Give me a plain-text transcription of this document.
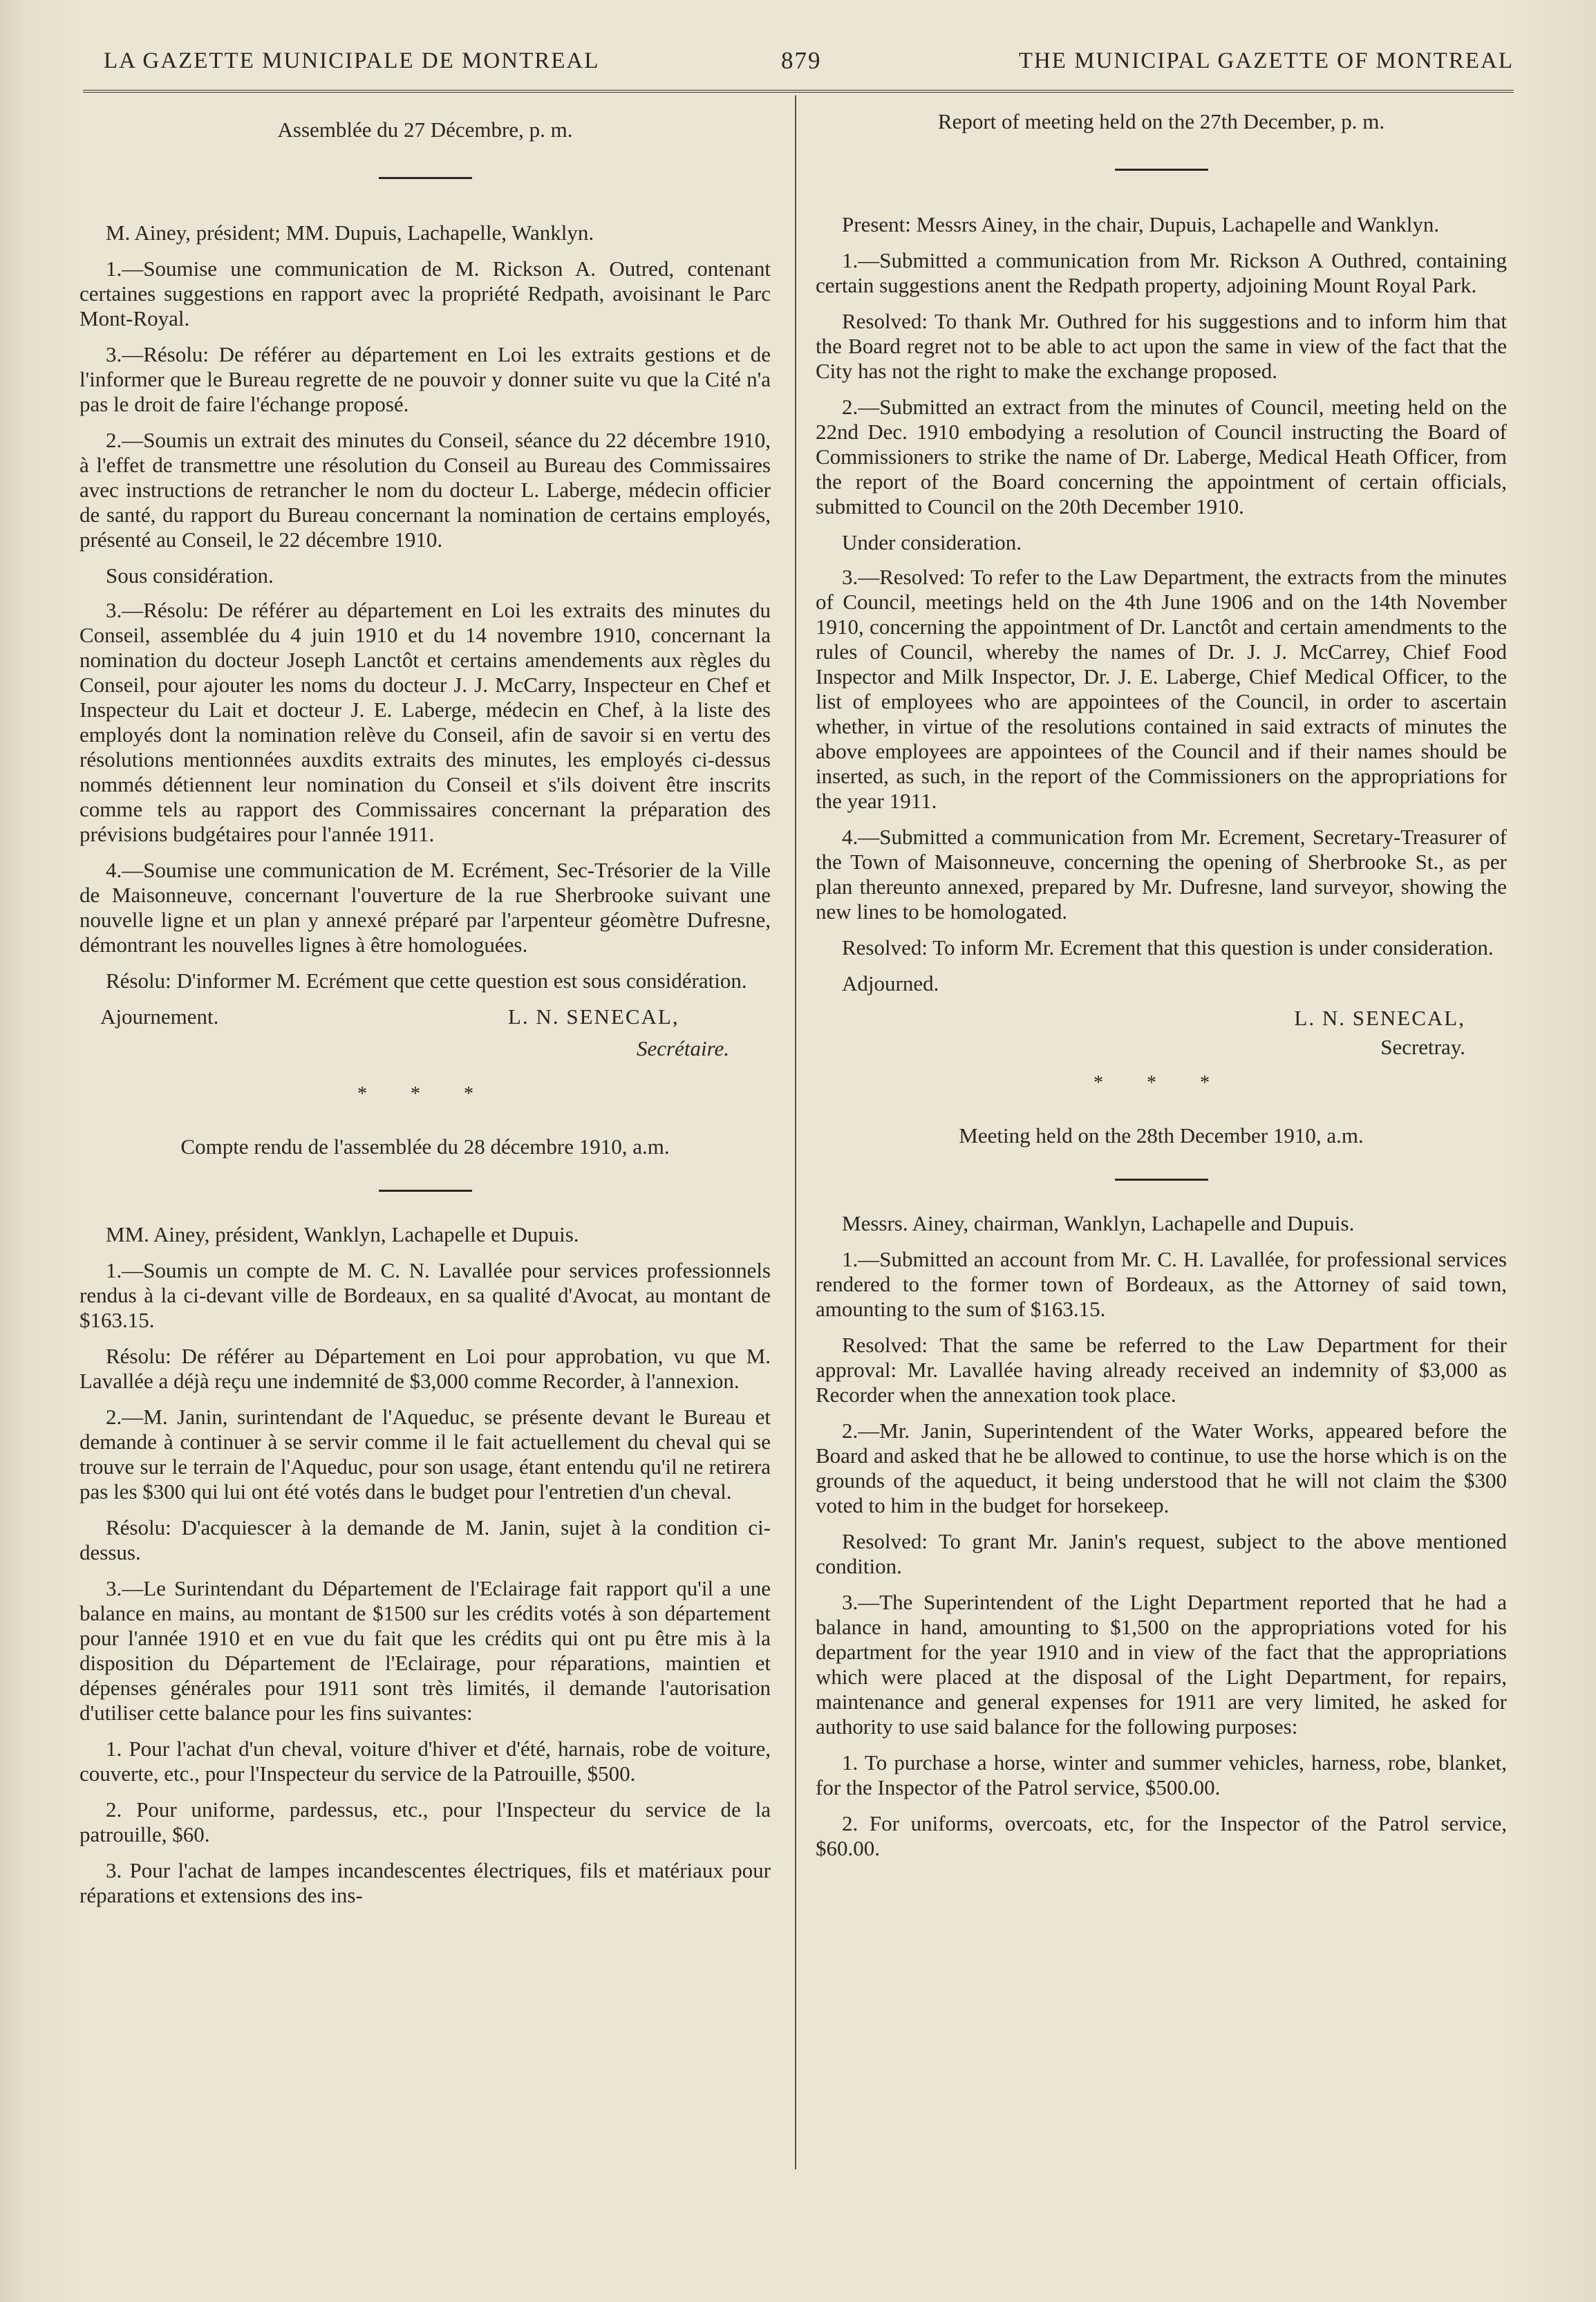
LA GAZETTE MUNICIPALE DE MONTREAL	879	THE MUNICIPAL GAZETTE OF MONTREAL
Assemblée du 27 Décembre, p. m.

M. Ainey, président; MM. Dupuis, Lachapelle, Wanklyn.

1.—Soumise une communication de M. Rickson A. Outred, contenant certaines suggestions en rapport avec la propriété Redpath, avoisinant le Parc Mont-Royal.

3.—Résolu: De référer au département en Loi les extraits gestions et de l'informer que le Bureau regrette de ne pouvoir y donner suite vu que la Cité n'a pas le droit de faire l'échange proposé.

2.—Soumis un extrait des minutes du Conseil, séance du 22 décembre 1910, à l'effet de transmettre une résolution du Conseil au Bureau des Commissaires avec instructions de retrancher le nom du docteur L. Laberge, médecin officier de santé, du rapport du Bureau concernant la nomination de certains employés, présenté au Conseil, le 22 décembre 1910.

Sous considération.

3.—Résolu: De référer au département en Loi les extraits des minutes du Conseil, assemblée du 4 juin 1910 et du 14 novembre 1910, concernant la nomination du docteur Joseph Lanctôt et certains amendements aux règles du Conseil, pour ajouter les noms du docteur J. J. McCarry, Inspecteur en Chef et Inspecteur du Lait et docteur J. E. Laberge, médecin en Chef, à la liste des employés dont la nomination relève du Conseil, afin de savoir si en vertu des résolutions mentionnées auxdits extraits des minutes, les employés ci-dessus nommés détiennent leur nomination du Conseil et s'ils doivent être inscrits comme tels au rapport des Commissaires concernant la préparation des prévisions budgétaires pour l'année 1911.

4.—Soumise une communication de M. Ecrément, Sec-Trésorier de la Ville de Maisonneuve, concernant l'ouverture de la rue Sherbrooke suivant une nouvelle ligne et un plan y annexé préparé par l'arpenteur géomètre Dufresne, démontrant les nouvelles lignes à être homologuées.

Résolu: D'informer M. Ecrément que cette question est sous considération.

Ajournement.	L. N. SENECAL,
Secrétaire.
* * *
Compte rendu de l'assemblée du 28 décembre 1910, a.m.

MM. Ainey, président, Wanklyn, Lachapelle et Dupuis.

1.—Soumis un compte de M. C. N. Lavallée pour services professionnels rendus à la ci-devant ville de Bordeaux, en sa qualité d'Avocat, au montant de $163.15.

Résolu: De référer au Département en Loi pour approbation, vu que M. Lavallée a déjà reçu une indemnité de $3,000 comme Recorder, à l'annexion.

2.—M. Janin, surintendant de l'Aqueduc, se présente devant le Bureau et demande à continuer à se servir comme il le fait actuellement du cheval qui se trouve sur le terrain de l'Aqueduc, pour son usage, étant entendu qu'il ne retirera pas les $300 qui lui ont été votés dans le budget pour l'entretien d'un cheval.

Résolu: D'acquiescer à la demande de M. Janin, sujet à la condition ci-dessus.

3.—Le Surintendant du Département de l'Eclairage fait rapport qu'il a une balance en mains, au montant de $1500 sur les crédits votés à son département pour l'année 1910 et en vue du fait que les crédits qui ont pu être mis à la disposition du Département de l'Eclairage, pour réparations, maintien et dépenses générales pour 1911 sont très limités, il demande l'autorisation d'utiliser cette balance pour les fins suivantes:

1. Pour l'achat d'un cheval, voiture d'hiver et d'été, harnais, robe de voiture, couverte, etc., pour l'Inspecteur du service de la Patrouille, $500.

2. Pour uniforme, pardessus, etc., pour l'Inspecteur du service de la patrouille, $60.

3. Pour l'achat de lampes incandescentes électriques, fils et matériaux pour réparations et extensions des ins-

Report of meeting held on the 27th December, p. m.

Present: Messrs Ainey, in the chair, Dupuis, Lachapelle and Wanklyn.

1.—Submitted a communication from Mr. Rickson A Outhred, containing certain suggestions anent the Redpath property, adjoining Mount Royal Park.

Resolved: To thank Mr. Outhred for his suggestions and to inform him that the Board regret not to be able to act upon the same in view of the fact that the City has not the right to make the exchange proposed.

2.—Submitted an extract from the minutes of Council, meeting held on the 22nd Dec. 1910 embodying a resolution of Council instructing the Board of Commissioners to strike the name of Dr. Laberge, Medical Heath Officer, from the report of the Board concerning the appointment of certain officials, submitted to Council on the 20th December 1910.

Under consideration.

3.—Resolved: To refer to the Law Department, the extracts from the minutes of Council, meetings held on the 4th June 1906 and on the 14th November 1910, concerning the appointment of Dr. Lanctôt and certain amendments to the rules of Council, whereby the names of Dr. J. J. McCarrey, Chief Food Inspector and Milk Inspector, Dr. J. E. Laberge, Chief Medical Officer, to the list of employees who are appointees of the Council, in order to ascertain whether, in virtue of the resolutions contained in said extracts of minutes the above employees are appointees of the Council and if their names should be inserted, as such, in the report of the Commissioners on the appropriations for the year 1911.

4.—Submitted a communication from Mr. Ecrement, Secretary-Treasurer of the Town of Maisonneuve, concerning the opening of Sherbrooke St., as per plan thereunto annexed, prepared by Mr. Dufresne, land surveyor, showing the new lines to be homologated.

Resolved: To inform Mr. Ecrement that this question is under consideration.

Adjourned.

L. N. SENECAL,
Secretray.
* * *
Meeting held on the 28th December 1910, a.m.

Messrs. Ainey, chairman, Wanklyn, Lachapelle and Dupuis.

1.—Submitted an account from Mr. C. H. Lavallée, for professional services rendered to the former town of Bordeaux, as the Attorney of said town, amounting to the sum of $163.15.

Resolved: That the same be referred to the Law Department for their approval: Mr. Lavallée having already received an indemnity of $3,000 as Recorder when the annexation took place.

2.—Mr. Janin, Superintendent of the Water Works, appeared before the Board and asked that he be allowed to continue, to use the horse which is on the grounds of the aqueduct, it being understood that he will not claim the $300 voted to him in the budget for horsekeep.

Resolved: To grant Mr. Janin's request, subject to the above mentioned condition.

3.—The Superintendent of the Light Department reported that he had a balance in hand, amounting to $1,500 on the appropriations voted for his department for the year 1910 and in view of the fact that the appropriations which were placed at the disposal of the Light Department, for repairs, maintenance and general expenses for 1911 are very limited, he asked for authority to use said balance for the following purposes:

1. To purchase a horse, winter and summer vehicles, harness, robe, blanket, for the Inspector of the Patrol service, $500.00.

2. For uniforms, overcoats, etc, for the Inspector of the Patrol service, $60.00.
